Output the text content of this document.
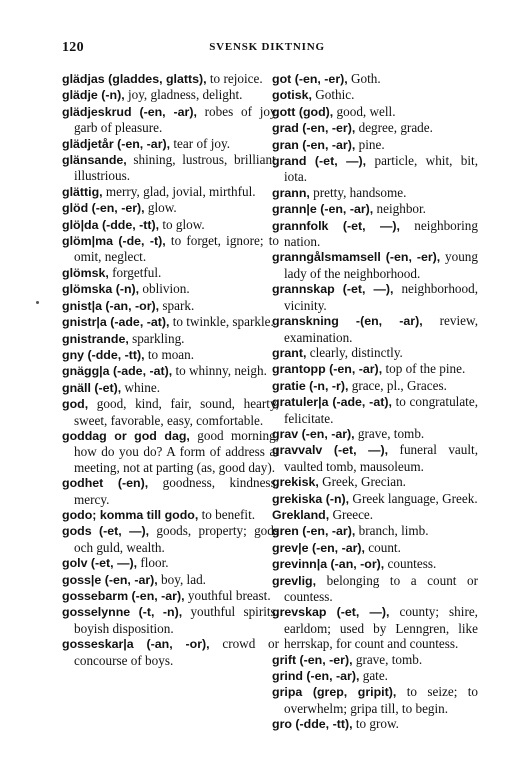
120	SVENSK DIKTNING

glädjas (gladdes, glatts), to rejoice.

glädje (-n), joy, gladness, delight.

glädjeskrud (-en, -ar), robes of joy, garb of pleasure.

glädjetår (-en, -ar), tear of joy.

glänsande, shining, lustrous, brilliant, illustrious.

glättig, merry, glad, jovial, mirthful.

glöd (-en, -er), glow.

glö|da (-dde, -tt), to glow.

glöm|ma (-de, -t), to forget, ignore; to omit, neglect.

glömsk, forgetful.

glömska (-n), oblivion.

gnist|a (-an, -or), spark.

gnistr|a (-ade, -at), to twinkle, sparkle.

gnistrande, sparkling.

gny (-dde, -tt), to moan.

gnägg|a (-ade, -at), to whinny, neigh.

gnäll (-et), whine.

god, good, kind, fair, sound, hearty, sweet, favorable, easy, comfortable.

goddag or god dag, good morning, how do you do? A form of address at meeting, not at parting (as, good day).

godhet (-en), goodness, kindness, mercy.

godo; komma till godo, to benefit.

gods (-et, —), goods, property; gods och guld, wealth.

golv (-et, —), floor.

goss|e (-en, -ar), boy, lad.

gossebarm (-en, -ar), youthful breast.

gosselynne (-t, -n), youthful spirits, boyish disposition.

gosseskar|a (-an, -or), crowd or concourse of boys.

got (-en, -er), Goth.

gotisk, Gothic.

gott (god), good, well.

grad (-en, -er), degree, grade.

gran (-en, -ar), pine.

grand (-et, —), particle, whit, bit, iota.

grann, pretty, handsome.

grann|e (-en, -ar), neighbor.

grannfolk (-et, —), neighboring nation.

granngålsmamsell (-en, -er), young lady of the neighborhood.

grannskap (-et, —), neighborhood, vicinity.

granskning -(en, -ar), review, examination.

grant, clearly, distinctly.

grantopp (-en, -ar), top of the pine.

gratie (-n, -r), grace, pl., Graces.

gratuler|a (-ade, -at), to congratulate, felicitate.

grav (-en, -ar), grave, tomb.

gravvalv (-et, —), funeral vault, vaulted tomb, mausoleum.

grekisk, Greek, Grecian.

grekiska (-n), Greek language, Greek.

Grekland, Greece.

gren (-en, -ar), branch, limb.

grev|e (-en, -ar), count.

grevinn|a (-an, -or), countess.

grevlig, belonging to a count or countess.

grevskap (-et, —), county; shire, earldom; used by Lenngren, like herrskap, for count and countess.

grift (-en, -er), grave, tomb.

grind (-en, -ar), gate.

gripa (grep, gripit), to seize; to overwhelm; gripa till, to begin.

gro (-dde, -tt), to grow.
